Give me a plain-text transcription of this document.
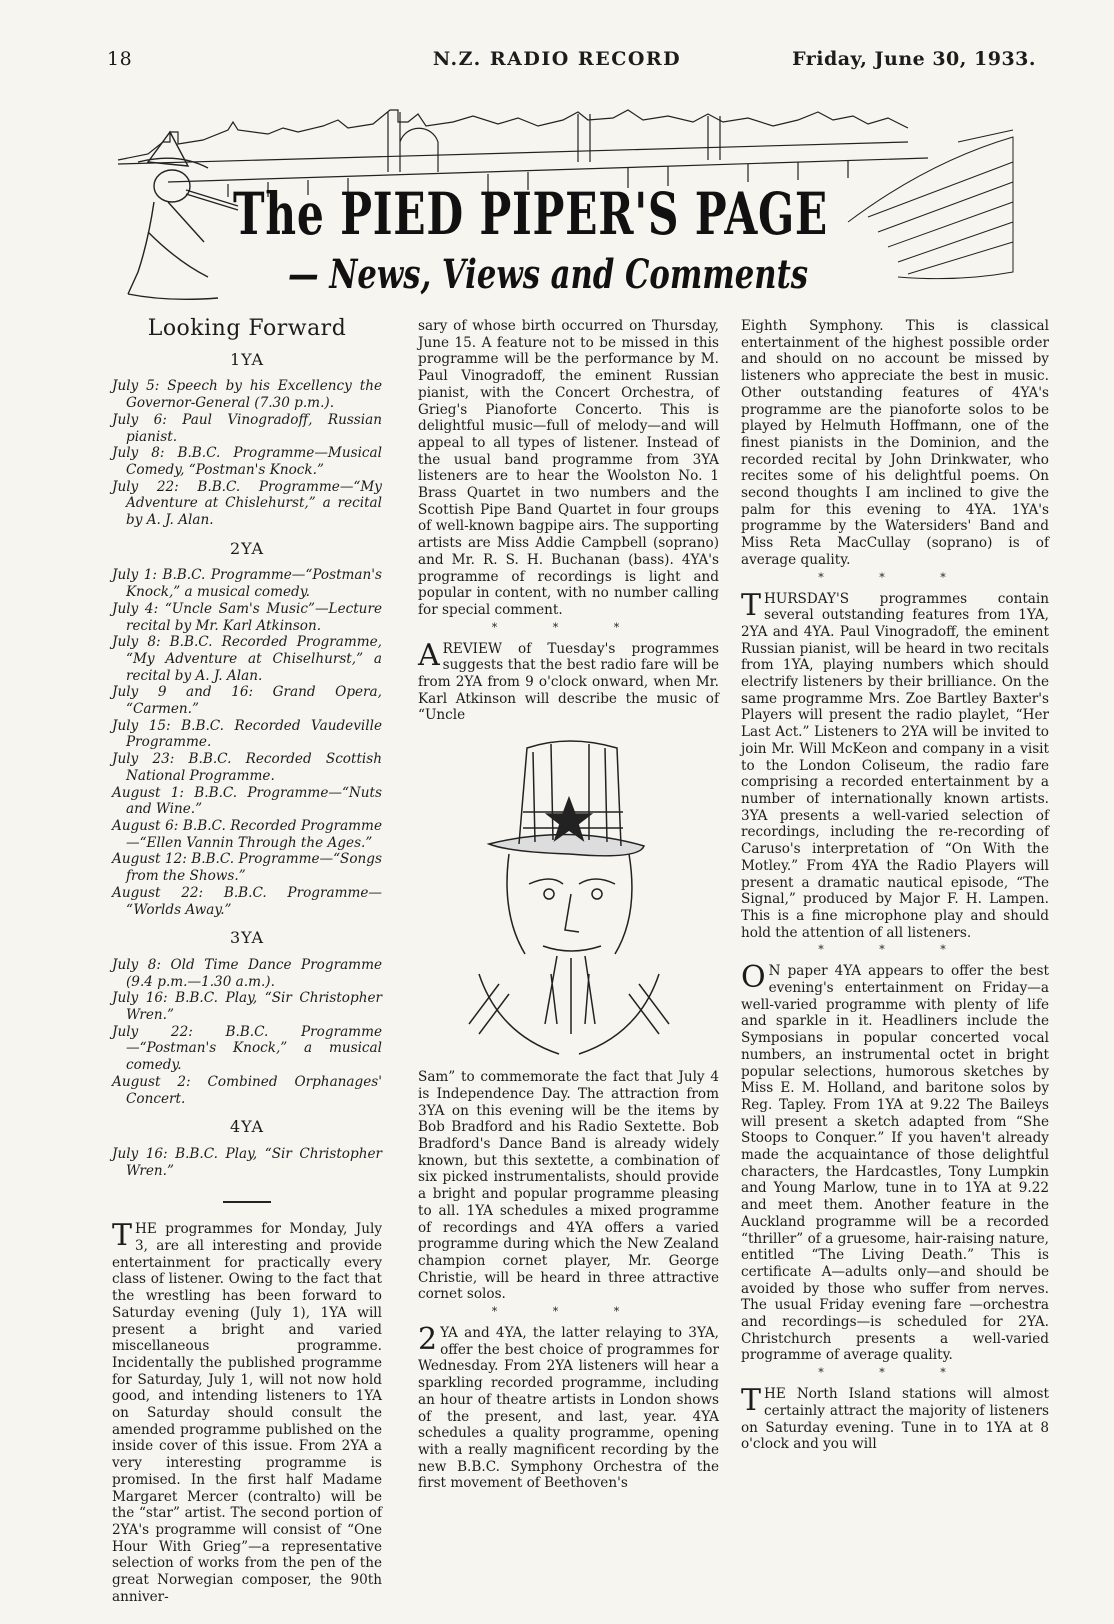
18	N.Z. RADIO RECORD	Friday, June 30, 1933.
The PIED PIPER'S PAGE
— News, Views and Comments
Looking Forward
1YA

July 5: Speech by his Excellency the Governor-General (7.30 p.m.).

July 6: Paul Vinogradoff, Russian pianist.

July 8: B.B.C. Programme—Musical Comedy, “Postman's Knock.”

July 22: B.B.C. Programme—“My Adventure at Chislehurst,” a recital by A. J. Alan.

2YA

July 1: B.B.C. Programme—“Postman's Knock,” a musical comedy.

July 4: “Uncle Sam's Music”—Lecture recital by Mr. Karl Atkinson.

July 8: B.B.C. Recorded Programme, “My Adventure at Chiselhurst,” a recital by A. J. Alan.

July 9 and 16: Grand Opera, “Carmen.”

July 15: B.B.C. Recorded Vaudeville Programme.

July 23: B.B.C. Recorded Scottish National Programme.

August 1: B.B.C. Programme—“Nuts and Wine.”

August 6: B.B.C. Recorded Programme —“Ellen Vannin Through the Ages.”

August 12: B.B.C. Programme—“Songs from the Shows.”

August 22: B.B.C. Programme— “Worlds Away.”

3YA

July 8: Old Time Dance Programme (9.4 p.m.—1.30 a.m.).

July 16: B.B.C. Play, “Sir Christopher Wren.”

July 22: B.B.C. Programme—“Postman's Knock,” a musical comedy.

August 2: Combined Orphanages' Concert.

4YA

July 16: B.B.C. Play, “Sir Christopher Wren.”

THE programmes for Monday, July 3, are all interesting and provide entertainment for practically every class of listener. Owing to the fact that the wrestling has been forward to Saturday evening (July 1), 1YA will present a bright and varied miscellaneous programme. Incidentally the published programme for Saturday, July 1, will not now hold good, and intending listeners to 1YA on Saturday should consult the amended programme published on the inside cover of this issue. From 2YA a very interesting programme is promised. In the first half Madame Margaret Mercer (contralto) will be the “star” artist. The second portion of 2YA's programme will consist of “One Hour With Grieg”—a representative selection of works from the pen of the great Norwegian composer, the 90th anniver-

sary of whose birth occurred on Thursday, June 15. A feature not to be missed in this programme will be the performance by M. Paul Vinogradoff, the eminent Russian pianist, with the Concert Orchestra, of Grieg's Pianoforte Concerto. This is delightful music—full of melody—and will appeal to all types of listener. Instead of the usual band programme from 3YA listeners are to hear the Woolston No. 1 Brass Quartet in two numbers and the Scottish Pipe Band Quartet in four groups of well-known bagpipe airs. The supporting artists are Miss Addie Campbell (soprano) and Mr. R. S. H. Buchanan (bass). 4YA's programme of recordings is light and popular in content, with no number calling for special comment.

* * *

AREVIEW of Tuesday's programmes suggests that the best radio fare will be from 2YA from 9 o'clock onward, when Mr. Karl Atkinson will describe the music of “Uncle

Sam” to commemorate the fact that July 4 is Independence Day. The attraction from 3YA on this evening will be the items by Bob Bradford and his Radio Sextette. Bob Bradford's Dance Band is already widely known, but this sextette, a combination of six picked instrumentalists, should provide a bright and popular programme pleasing to all. 1YA schedules a mixed programme of recordings and 4YA offers a varied programme during which the New Zealand champion cornet player, Mr. George Christie, will be heard in three attractive cornet solos.

* * *

2 YA and 4YA, the latter relaying to 3YA, offer the best choice of programmes for Wednesday. From 2YA listeners will hear a sparkling recorded programme, including an hour of theatre artists in London shows of the present, and last, year. 4YA schedules a quality programme, opening with a really magnificent recording by the new B.B.C. Symphony Orchestra of the first movement of Beethoven's

Eighth Symphony. This is classical entertainment of the highest possible order and should on no account be missed by listeners who appreciate the best in music. Other outstanding features of 4YA's programme are the pianoforte solos to be played by Helmuth Hoffmann, one of the finest pianists in the Dominion, and the recorded recital by John Drinkwater, who recites some of his delightful poems. On second thoughts I am inclined to give the palm for this evening to 4YA. 1YA's programme by the Watersiders' Band and Miss Reta MacCullay (soprano) is of average quality.

* * *

THURSDAY'S programmes contain several outstanding features from 1YA, 2YA and 4YA. Paul Vinogradoff, the eminent Russian pianist, will be heard in two recitals from 1YA, playing numbers which should electrify listeners by their brilliance. On the same programme Mrs. Zoe Bartley Baxter's Players will present the radio playlet, “Her Last Act.” Listeners to 2YA will be invited to join Mr. Will McKeon and company in a visit to the London Coliseum, the radio fare comprising a recorded entertainment by a number of internationally known artists. 3YA presents a well-varied selection of recordings, including the re-recording of Caruso's interpretation of “On With the Motley.” From 4YA the Radio Players will present a dramatic nautical episode, “The Signal,” produced by Major F. H. Lampen. This is a fine microphone play and should hold the attention of all listeners.

* * *

O N paper 4YA appears to offer the best evening's entertainment on Friday—a well-varied programme with plenty of life and sparkle in it. Headliners include the Symposians in popular concerted vocal numbers, an instrumental octet in bright popular selections, humorous sketches by Miss E. M. Holland, and baritone solos by Reg. Tapley. From 1YA at 9.22 The Baileys will present a sketch adapted from “She Stoops to Conquer.” If you haven't already made the acquaintance of those delightful characters, the Hardcastles, Tony Lumpkin and Young Marlow, tune in to 1YA at 9.22 and meet them. Another feature in the Auckland programme will be a recorded “thriller” of a gruesome, hair-raising nature, entitled “The Living Death.” This is certificate A—adults only—and should be avoided by those who suffer from nerves. The usual Friday evening fare —orchestra and recordings—is scheduled for 2YA. Christchurch presents a well-varied programme of average quality.

* * *

THE North Island stations will almost certainly attract the majority of listeners on Saturday evening. Tune in to 1YA at 8 o'clock and you will
